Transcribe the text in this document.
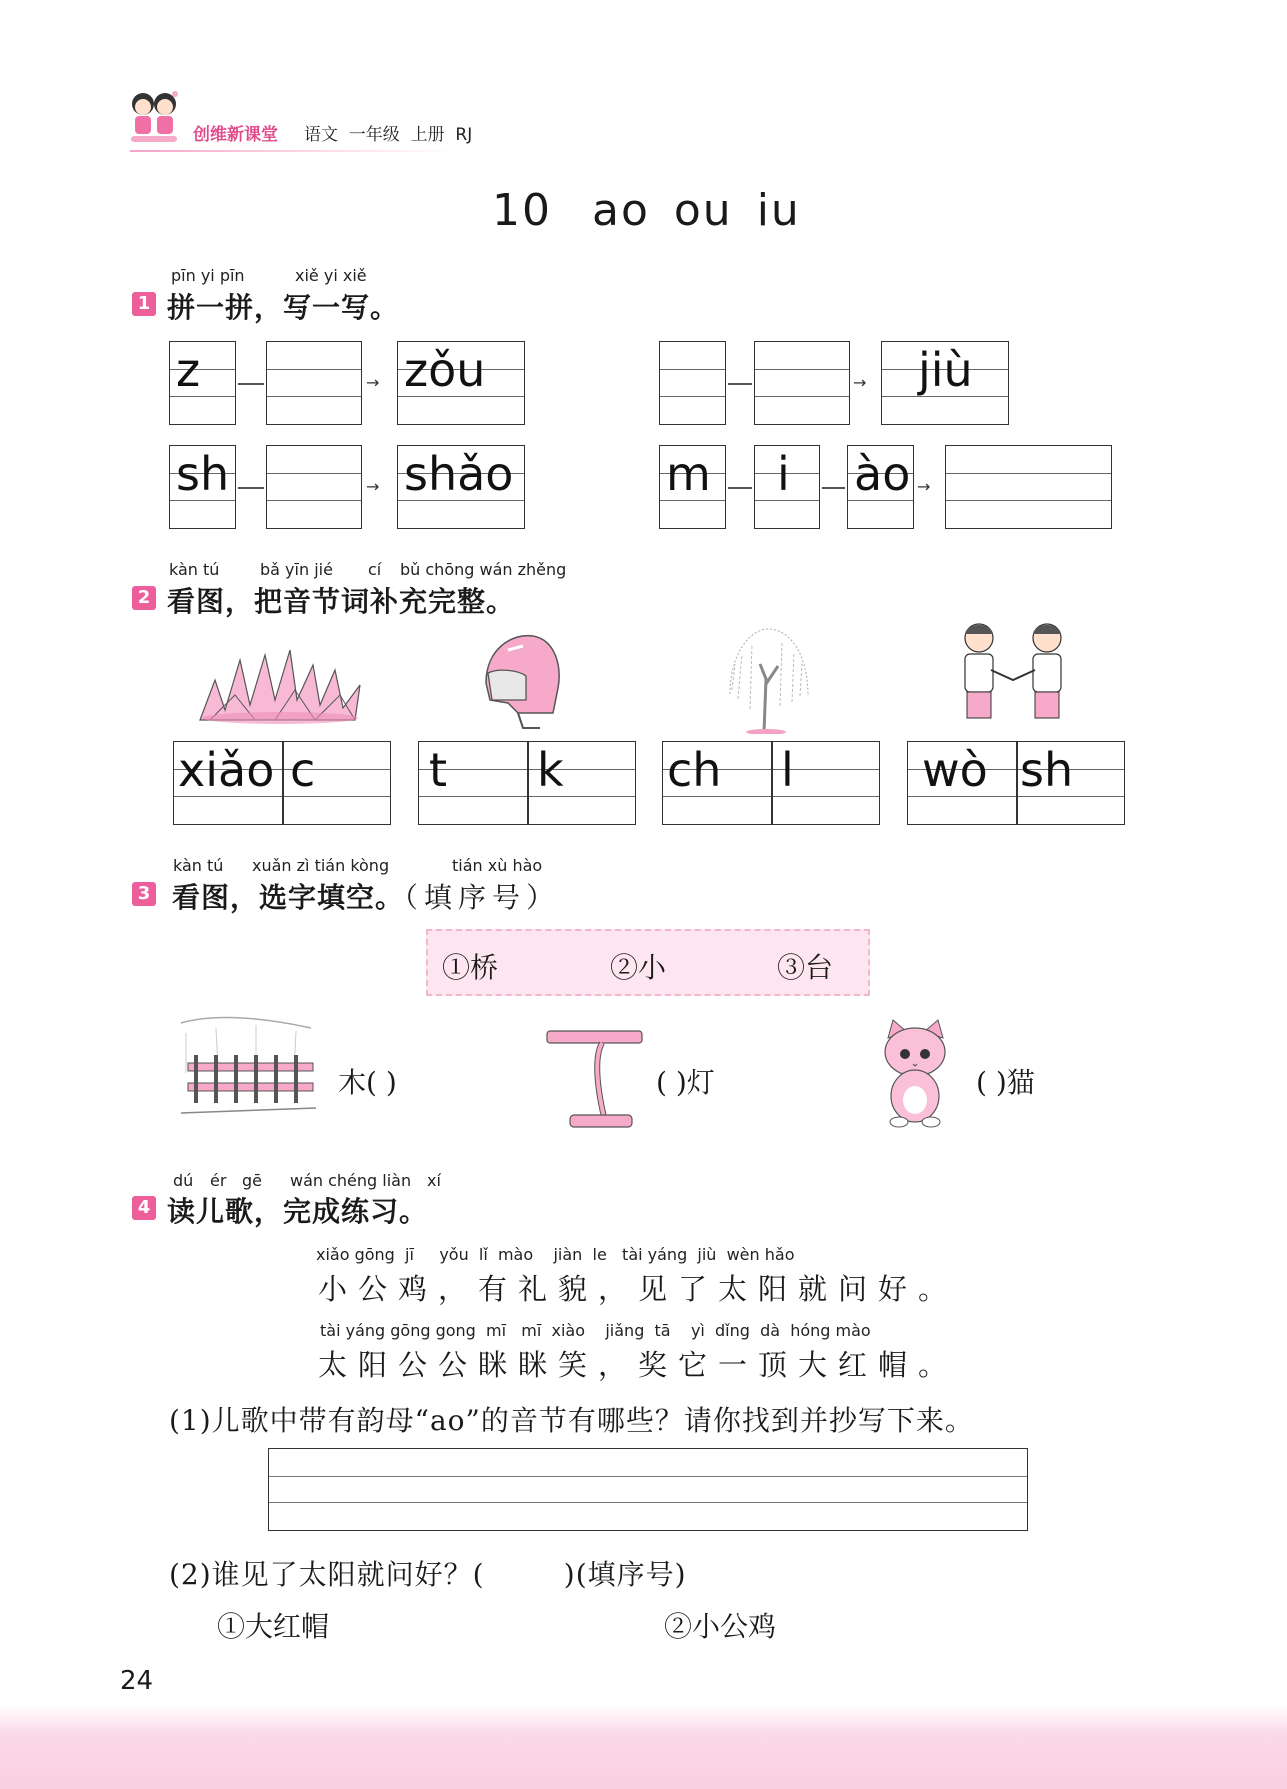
创维新课堂 语文  一年级  上册  RJ
10 ao ou iu
pīn yi pīn	xiě yi xiě
1 拼一拼，写一写。
z	→ zǒu	→ jiù
sh	→ shǎo	m i	ào →
kàn tú	bǎ yīn jié cí bǔ chōng wán zhěng
2 看图，把音节词补充完整。
xiǎo c	t	k	ch	l	wò sh
kàn tú xuǎn zì tián kòng	tián xù hào
3 看图，选字填空。（填序号）
①桥	②小	③台
木( )	( )灯	( )猫
dú ér gē wán chéng liàn xí
4 读儿歌，完成练习。
xiǎo gōng  jī     yǒu  lǐ  mào    jiàn  le   tài yáng  jiù  wèn hǎo
小公鸡，有礼貌，见了太阳就问好。
tài yáng gōng gong  mī   mī  xiào    jiǎng  tā    yì  dǐng  dà  hóng mào
太阳公公眯眯笑，奖它一顶大红帽。
(1)儿歌中带有韵母“ao”的音节有哪些？请你找到并抄写下来。
(2)谁见了太阳就问好？(        )(填序号)
①大红帽	②小公鸡
24
